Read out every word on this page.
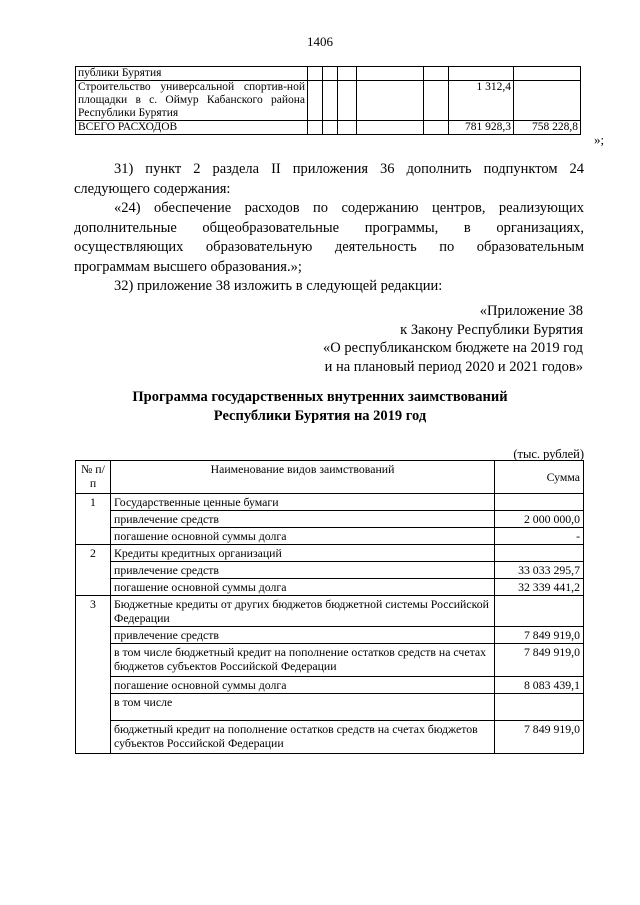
1406
публики Бурятия							
Строительство универсальной спортив-ной площадки в с. Оймур Кабанского района Республики Бурятия						1 312,4	
ВСЕГО РАСХОДОВ						781 928,3	758 228,8
»;

31) пункт 2 раздела II приложения 36 дополнить подпунктом 24 следующего содержания:

«24) обеспечение расходов по содержанию центров, реализующих дополнительные общеобразовательные программы, в организациях, осуществляющих образовательную деятельность по образовательным программам высшего образования.»;

32) приложение 38 изложить в следующей редакции:

«Приложение 38
к Закону Республики Бурятия
«О республиканском бюджете на 2019 год
и на плановый период 2020 и 2021 годов»
Программа государственных внутренних заимствований
Республики Бурятия на 2019 год
(тыс. рублей)
№ п/п	Наименование видов заимствований	Сумма
1	Государственные ценные бумаги	
	привлечение средств	2 000 000,0
	погашение основной суммы долга	-
2	Кредиты кредитных организаций	
	привлечение средств	33 033 295,7
	погашение основной суммы долга	32 339 441,2
3	Бюджетные кредиты от других бюджетов бюджетной системы Российской Федерации	
	привлечение средств	7 849 919,0
	в том числе бюджетный кредит на пополнение остатков средств на счетах бюджетов субъектов Российской Федерации	7 849 919,0
	погашение основной суммы долга	8 083 439,1
	в том числе	
	бюджетный кредит на пополнение остатков средств на счетах бюджетов субъектов Российской Федерации	7 849 919,0
